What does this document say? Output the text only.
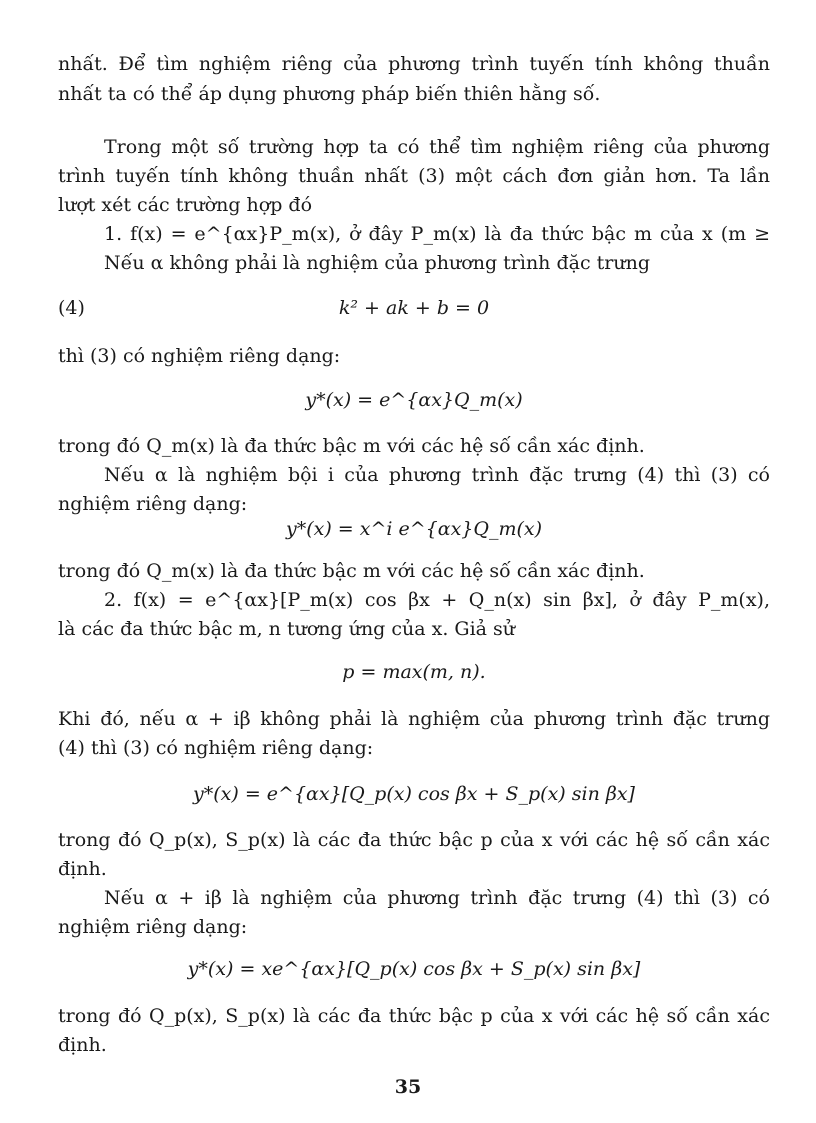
nhất. Để tìm nghiệm riêng của phương trình tuyến tính không thuần
nhất ta có thể áp dụng phương pháp biến thiên hằng số.
Trong một số trường hợp ta có thể tìm nghiệm riêng của phương
trình tuyến tính không thuần nhất (3) một cách đơn giản hơn. Ta lần
lượt xét các trường hợp đó
1. f(x) = e^{αx}P_m(x), ở đây P_m(x) là đa thức bậc m của x (m ≥
Nếu α không phải là nghiệm của phương trình đặc trưng
(4)	k² + ak + b = 0
thì (3) có nghiệm riêng dạng:
y*(x) = e^{αx}Q_m(x)
trong đó Q_m(x) là đa thức bậc m với các hệ số cần xác định.
Nếu α là nghiệm bội i của phương trình đặc trưng (4) thì (3) có
nghiệm riêng dạng:
y*(x) = x^i e^{αx}Q_m(x)
trong đó Q_m(x) là đa thức bậc m với các hệ số cần xác định.
2. f(x) = e^{αx}[P_m(x) cos βx + Q_n(x) sin βx], ở đây P_m(x),
là các đa thức bậc m, n tương ứng của x. Giả sử
p = max(m, n).
Khi đó, nếu α + iβ không phải là nghiệm của phương trình đặc trưng
(4) thì (3) có nghiệm riêng dạng:
y*(x) = e^{αx}[Q_p(x) cos βx + S_p(x) sin βx]
trong đó Q_p(x), S_p(x) là các đa thức bậc p của x với các hệ số cần xác
định.
Nếu α + iβ là nghiệm của phương trình đặc trưng (4) thì (3) có
nghiệm riêng dạng:
y*(x) = xe^{αx}[Q_p(x) cos βx + S_p(x) sin βx]
trong đó Q_p(x), S_p(x) là các đa thức bậc p của x với các hệ số cần xác
định.
35
